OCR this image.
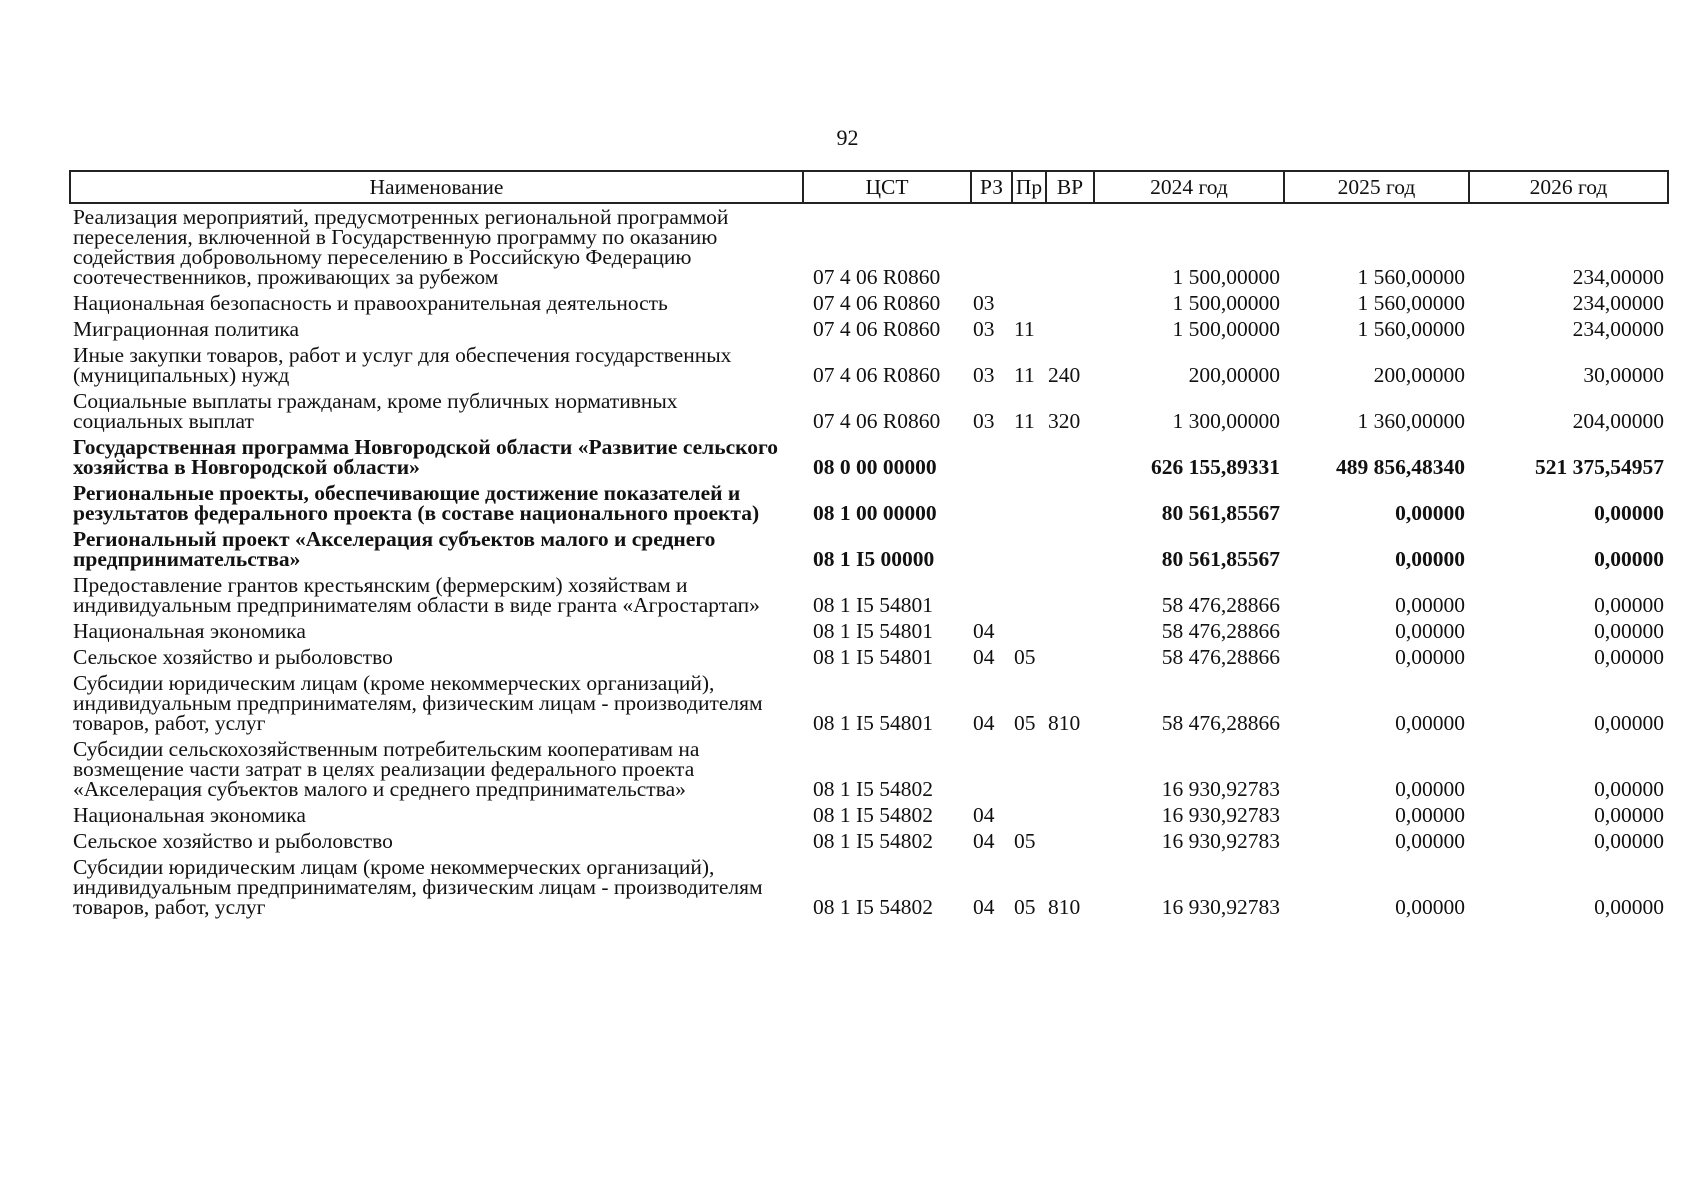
92
Наименование	ЦСТ	РЗ	Пр	ВР	2024 год	2025 год	2026 год
Реализация мероприятий, предусмотренных региональной программой переселения, включенной в Государственную программу по оказанию содействия добровольному переселению в Российскую Федерацию соотечественников, проживающих за рубежом	07 4 06 R0860				1 500,00000	1 560,00000	234,00000
Национальная безопасность и правоохранительная деятельность	07 4 06 R0860	03			1 500,00000	1 560,00000	234,00000
Миграционная политика	07 4 06 R0860	03	11		1 500,00000	1 560,00000	234,00000
Иные закупки товаров, работ и услуг для обеспечения государственных (муниципальных) нужд	07 4 06 R0860	03	11	240	200,00000	200,00000	30,00000
Социальные выплаты гражданам, кроме публичных нормативных социальных выплат	07 4 06 R0860	03	11	320	1 300,00000	1 360,00000	204,00000
Государственная программа Новгородской области «Развитие сельского хозяйства в Новгородской области»	08 0 00 00000				626 155,89331	489 856,48340	521 375,54957
Региональные проекты, обеспечивающие достижение показателей и результатов федерального проекта (в составе национального проекта)	08 1 00 00000				80 561,85567	0,00000	0,00000
Региональный проект «Акселерация субъектов малого и среднего предпринимательства»	08 1 I5 00000				80 561,85567	0,00000	0,00000
Предоставление грантов крестьянским (фермерским) хозяйствам и индивидуальным предпринимателям области в виде гранта «Агростартап»	08 1 I5 54801				58 476,28866	0,00000	0,00000
Национальная экономика	08 1 I5 54801	04			58 476,28866	0,00000	0,00000
Сельское хозяйство и рыболовство	08 1 I5 54801	04	05		58 476,28866	0,00000	0,00000
Субсидии юридическим лицам (кроме некоммерческих организаций), индивидуальным предпринимателям, физическим лицам - производителям товаров, работ, услуг	08 1 I5 54801	04	05	810	58 476,28866	0,00000	0,00000
Субсидии сельскохозяйственным потребительским кооперативам на возмещение части затрат в целях реализации федерального проекта «Акселерация субъектов малого и среднего предпринимательства»	08 1 I5 54802				16 930,92783	0,00000	0,00000
Национальная экономика	08 1 I5 54802	04			16 930,92783	0,00000	0,00000
Сельское хозяйство и рыболовство	08 1 I5 54802	04	05		16 930,92783	0,00000	0,00000
Субсидии юридическим лицам (кроме некоммерческих организаций), индивидуальным предпринимателям, физическим лицам - производителям товаров, работ, услуг	08 1 I5 54802	04	05	810	16 930,92783	0,00000	0,00000
